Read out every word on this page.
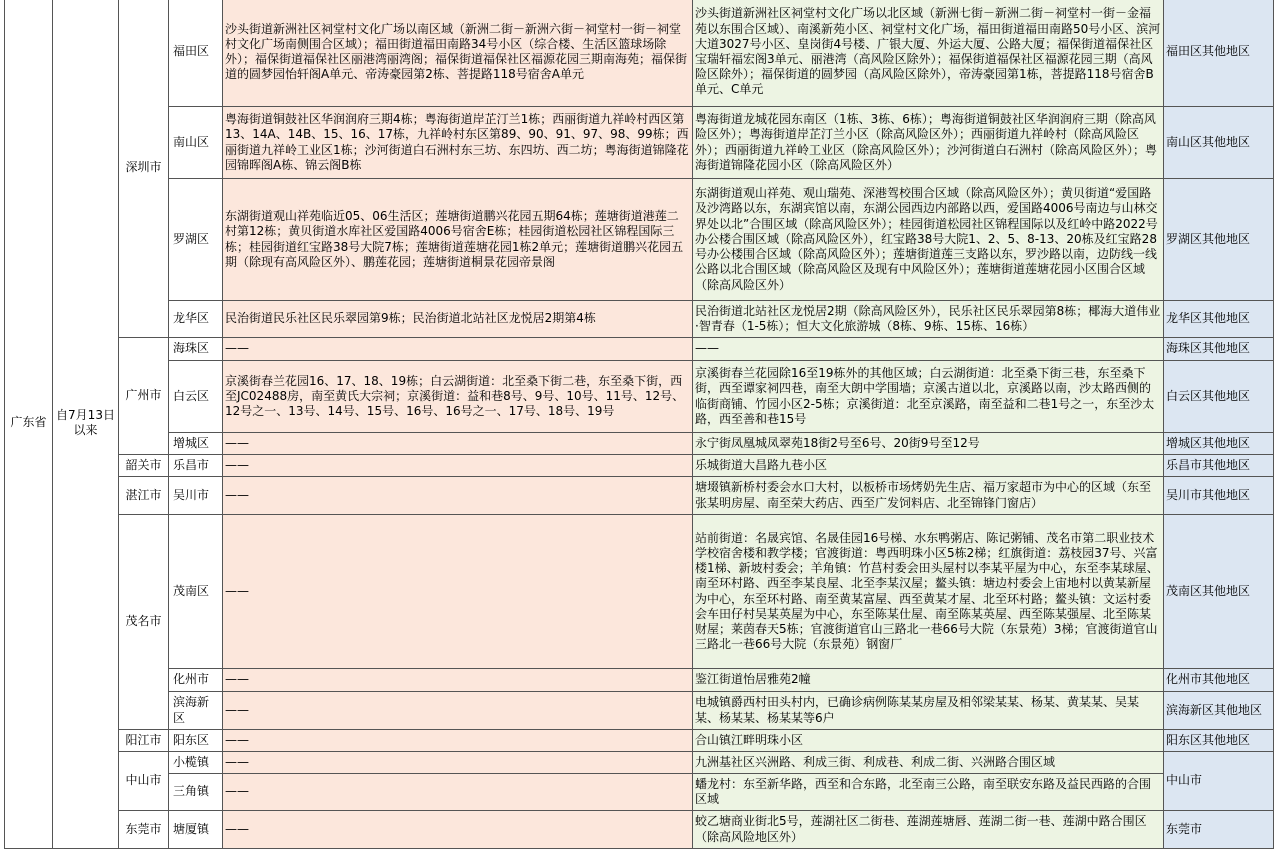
广东省	自7月13日以来	深圳市	福田区	沙头街道新洲社区祠堂村文化广场以南区域（新洲二街－新洲六街－祠堂村一街－祠堂村文化广场南侧围合区域）；福田街道福田南路34号小区（综合楼、生活区篮球场除外）；福保街道福保社区丽港湾丽湾阁；福保街道福保社区福源花园三期南海苑；福保街道的圆梦园怡轩阁A单元、帝涛豪园第2栋、菩提路118号宿舍A单元	沙头街道新洲社区祠堂村文化广场以北区域（新洲七街－新洲二街－祠堂村一街－金福苑以东围合区域）、南溪新苑小区、祠堂村文化广场，福田街道福田南路50号小区、滨河大道3027号小区、皇岗街4号楼、广银大厦、外运大厦、公路大厦；福保街道福保社区宝瑞轩福宏阁3单元、丽港湾（高风险区除外）；福保街道福保社区福源花园三期（高风险区除外）；福保街道的圆梦园（高风险区除外），帝涛豪园第1栋，菩提路118号宿舍B单元、C单元	福田区其他地区
			南山区	粤海街道铜鼓社区华润润府三期4栋；粤海街道岸芷汀兰1栋；西丽街道九祥岭村西区第13、14A、14B、15、16、17栋，九祥岭村东区第89、90、91、97、98、99栋；西丽街道九祥岭工业区1栋；沙河街道白石洲村东三坊、东四坊、西二坊；粤海街道锦隆花园锦晖阁A栋、锦云阁B栋	粤海街道龙城花园东南区（1栋、3栋、6栋）；粤海街道铜鼓社区华润润府三期（除高风险区外）；粤海街道岸芷汀兰小区（除高风险区外）；西丽街道九祥岭村（除高风险区外）；西丽街道九祥岭工业区（除高风险区外）；沙河街道白石洲村（除高风险区外）；粤海街道锦隆花园小区（除高风险区外）	南山区其他地区
			罗湖区	东湖街道观山祥苑临近05、06生活区；莲塘街道鹏兴花园五期64栋；莲塘街道港莲二村第12栋；黄贝街道水库社区爱国路4006号宿舍E栋；桂园街道松园社区锦程国际三栋；桂园街道红宝路38号大院7栋；莲塘街道莲塘花园1栋2单元；莲塘街道鹏兴花园五期（除现有高风险区外）、鹏莲花园；莲塘街道桐景花园帝景阁	东湖街道观山祥苑、观山瑞苑、深港驾校围合区域（除高风险区外）；黄贝街道“爱国路及沙湾路以东，东湖宾馆以南，东湖公园西边内部路以西，爱国路4006号南边与山林交界处以北”合围区域（除高风险区外）；桂园街道松园社区锦程国际以及红岭中路2022号办公楼合围区域（除高风险区外），红宝路38号大院1、2、5、8-13、20栋及红宝路28号办公楼围合区域（除高风险区外）；莲塘街道莲三支路以东，罗沙路以南，边防线一线公路以北合围区域（除高风险区及现有中风险区外）；莲塘街道莲塘花园小区围合区域（除高风险区外）	罗湖区其他地区
			龙华区	民治街道民乐社区民乐翠园第9栋；民治街道北站社区龙悦居2期第4栋	民治街道北站社区龙悦居2期（除高风险区外），民乐社区民乐翠园第8栋；椰海大道伟业·智青春（1-5栋）；恒大文化旅游城（8栋、9栋、15栋、16栋）	龙华区其他地区
		广州市	海珠区	——	——	海珠区其他地区
			白云区	京溪街春兰花园16、17、18、19栋；白云湖街道：北至桑下街二巷，东至桑下街，西至JC02488房，南至黄氏大宗祠；京溪街道：益和巷8号、9号、10号、11号、12号、12号之一、13号、14号、15号、16号、16号之一、17号、18号、19号	京溪街春兰花园除16至19栋外的其他区域；白云湖街道：北至桑下街三巷，东至桑下街，西至谭家祠四巷，南至大朗中学围墙；京溪古道以北，京溪路以南，沙太路西侧的临街商铺、竹园小区2-5栋；京溪街道：北至京溪路，南至益和二巷1号之一，东至沙太路，西至善和巷15号	白云区其他地区
			增城区	——	永宁街凤凰城凤翠苑18街2号至6号、20街9号至12号	增城区其他地区
		韶关市	乐昌市	——	乐城街道大昌路九巷小区	乐昌市其他地区
		湛江市	吴川市	——	塘㙍镇新桥村委会水口大村，以板桥市场烤奶先生店、福万家超市为中心的区域（东至张某明房屋、南至荣大药店、西至广发饲料店、北至锦锋门窗店）	吴川市其他地区
		茂名市	茂南区	——	站前街道：名晟宾馆、名晟佳园16号梯、水东鸭粥店、陈记粥铺、茂名市第二职业技术学校宿舍楼和教学楼；官渡街道：粤西明珠小区5栋2梯；红旗街道：荔枝园37号、兴富楼1梯、新坡村委会；羊角镇：竹莒村委会田头屋村以李某平屋为中心，东至李某球屋、南至环村路、西至李某良屋、北至李某汉屋；鳌头镇：塘边村委会上宙地村以黄某新屋为中心，东至环村路、南至黄某富屋、西至黄某才屋、北至环村路；鳌头镇：文运村委会车田仔村吴某英屋为中心，东至陈某仕屋、南至陈某英屋、西至陈某强屋、北至陈某财屋；莱茵春天5栋；官渡街道官山三路北一巷66号大院（东景苑）3梯；官渡街道官山三路北一巷66号大院（东景苑）钢窗厂	茂南区其他地区
			化州市	——	鉴江街道怡居雅苑2幢	化州市其他地区
			滨海新区	——	电城镇爵西村田头村内，已确诊病例陈某某房屋及相邻梁某某、杨某、黄某某、吴某某、杨某某、杨某某等6户	滨海新区其他地区
		阳江市	阳东区	——	合山镇江畔明珠小区	阳东区其他地区
		中山市	小榄镇	——	九洲基社区兴洲路、利成三街、利成巷、利成二街、兴洲路合围区域	中山市
			三角镇	——	蟠龙村：东至新华路，西至和合东路，北至南三公路，南至联安东路及益民西路的合围区域	
		东莞市	塘厦镇	——	蛟乙塘商业街北5号，莲湖社区二街巷、莲湖莲塘唇、莲湖二街一巷、莲湖中路合围区（除高风险地区外）	东莞市
